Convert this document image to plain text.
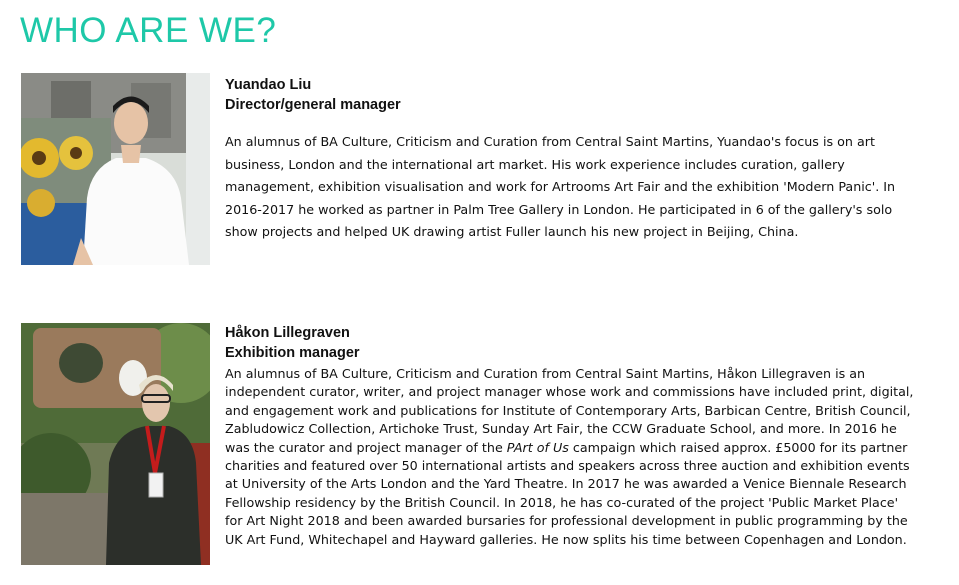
WHO ARE WE?

Yuandao Liu

Director/general manager

An alumnus of BA Culture, Criticism and Curation from Central Saint Martins, Yuandao's focus is on art business, London and the international art market. His work experience includes curation, gallery management, exhibition visualisation and work for Artrooms Art Fair and the exhibition 'Modern Panic'. In 2016-2017 he worked as partner in Palm Tree Gallery in London. He participated in 6 of the gallery's solo show projects and helped UK drawing artist Fuller launch his new project in Beijing, China.

Håkon Lillegraven

Exhibition manager

An alumnus of BA Culture, Criticism and Curation from Central Saint Martins, Håkon Lillegraven is an independent curator, writer, and project manager whose work and commissions have included print, digital, and engagement work and publications for Institute of Contemporary Arts, Barbican Centre, British Council, Zabludowicz Collection, Artichoke Trust, Sunday Art Fair, the CCW Graduate School, and more. In 2016 he was the curator and project manager of the PArt of Us campaign which raised approx. £5000 for its partner charities and featured over 50 international artists and speakers across three auction and exhibition events at University of the Arts London and the Yard Theatre. In 2017 he was awarded a Venice Biennale Research Fellowship residency by the British Council. In 2018, he has co-curated of the project 'Public Market Place' for Art Night 2018 and been awarded bursaries for professional development in public programming by the UK Art Fund, Whitechapel and Hayward galleries. He now splits his time between Copenhagen and London.
